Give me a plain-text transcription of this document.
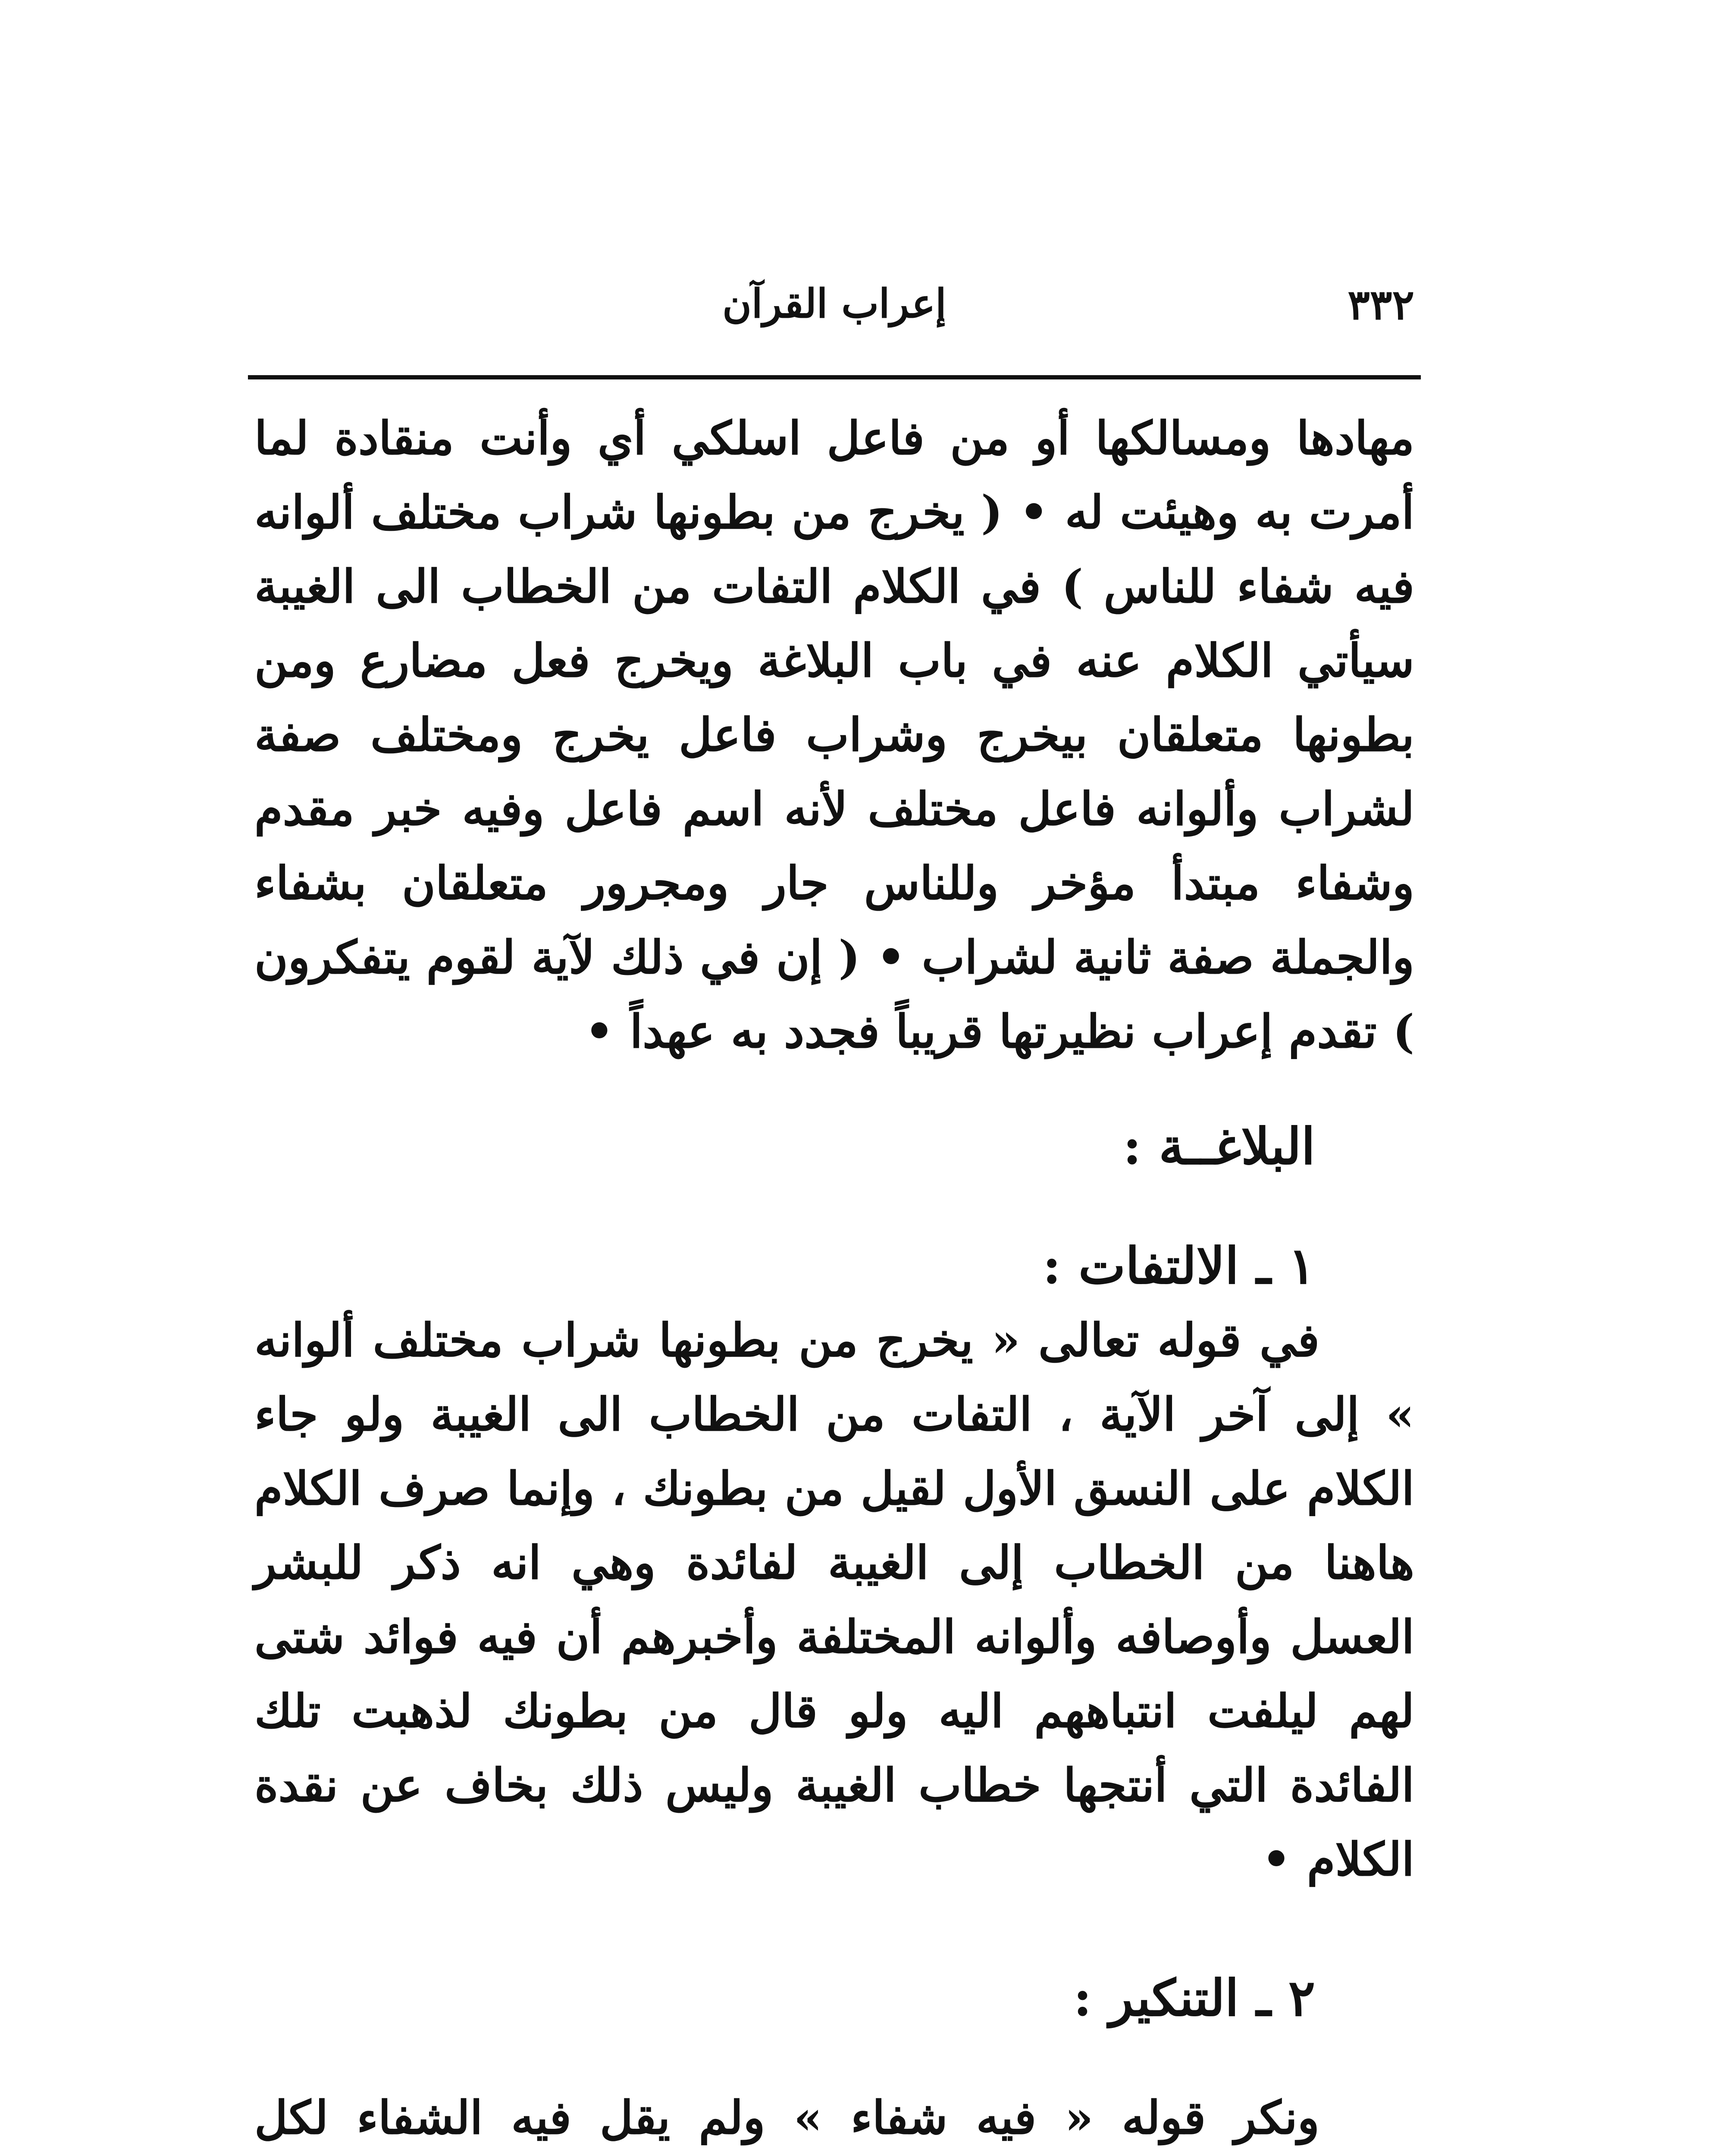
٣٣٢
إعراب القرآن

مهادها ومسالكها أو من فاعل اسلكي أي وأنت منقادة لما أمرت به وهيئت له • ( يخرج من بطونها شراب مختلف ألوانه فيه شفاء للناس ) في الكلام التفات من الخطاب الى الغيبة سيأتي الكلام عنه في باب البلاغة ويخرج فعل مضارع ومن بطونها متعلقان بيخرج وشراب فاعل يخرج ومختلف صفة لشراب وألوانه فاعل مختلف لأنه اسم فاعل وفيه خبر مقدم وشفاء مبتدأ مؤخر وللناس جار ومجرور متعلقان بشفاء والجملة صفة ثانية لشراب • ( إن في ذلك لآية لقوم يتفكرون ) تقدم إعراب نظيرتها قريباً فجدد به عهداً •

البلاغــة :

١ ـ الالتفات :

في قوله تعالى « يخرج من بطونها شراب مختلف ألوانه » إلى آخر الآية ، التفات من الخطاب الى الغيبة ولو جاء الكلام على النسق الأول لقيل من بطونك ، وإنما صرف الكلام هاهنا من الخطاب إلى الغيبة لفائدة وهي انه ذكر للبشر العسل وأوصافه وألوانه المختلفة وأخبرهم أن فيه فوائد شتى لهم ليلفت انتباههم اليه ولو قال من بطونك لذهبت تلك الفائدة التي أنتجها خطاب الغيبة وليس ذلك بخاف عن نقدة الكلام •

٢ ـ التنكير :

ونكر قوله « فيه شفاء » ولم يقل فيه الشفاء لكل
